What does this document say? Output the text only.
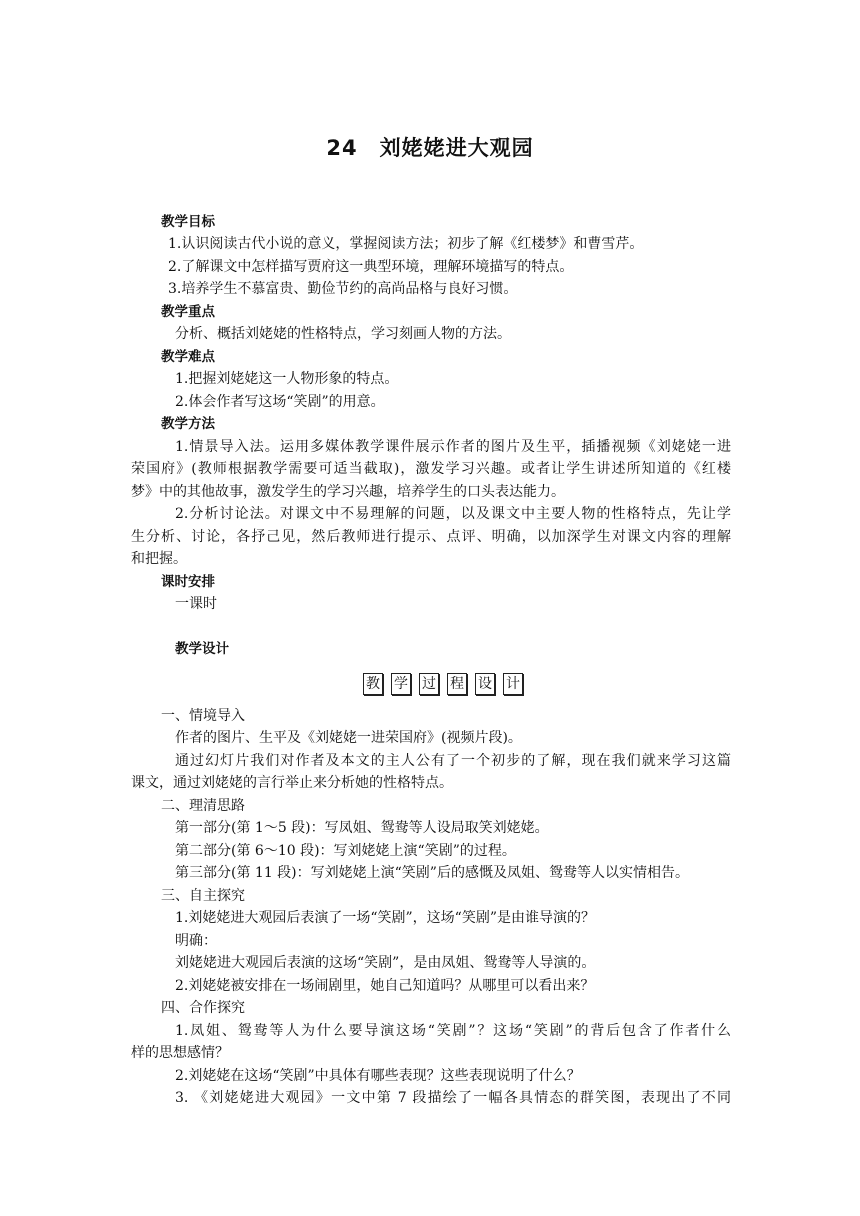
24 刘姥姥进大观园
教学目标
1.认识阅读古代小说的意义，掌握阅读方法；初步了解《红楼梦》和曹雪芹。
2.了解课文中怎样描写贾府这一典型环境，理解环境描写的特点。
3.培养学生不慕富贵、勤俭节约的高尚品格与良好习惯。
教学重点
分析、概括刘姥姥的性格特点，学习刻画人物的方法。
教学难点
1.把握刘姥姥这一人物形象的特点。
2.体会作者写这场“笑剧”的用意。
教学方法
1.情景导入法。运用多媒体教学课件展示作者的图片及生平，插播视频《刘姥姥一进
荣国府》(教师根据教学需要可适当截取)，激发学习兴趣。或者让学生讲述所知道的《红楼
梦》中的其他故事，激发学生的学习兴趣，培养学生的口头表达能力。
2.分析讨论法。对课文中不易理解的问题，以及课文中主要人物的性格特点，先让学
生分析、讨论，各抒己见，然后教师进行提示、点评、明确，以加深学生对课文内容的理解
和把握。
课时安排
一课时
教学设计
教 学 过 程 设 计
一、情境导入
作者的图片、生平及《刘姥姥一进荣国府》(视频片段)。
通过幻灯片我们对作者及本文的主人公有了一个初步的了解，现在我们就来学习这篇
课文，通过刘姥姥的言行举止来分析她的性格特点。
二、理清思路
第一部分(第 1～5 段)：写凤姐、鸳鸯等人设局取笑刘姥姥。
第二部分(第 6～10 段)：写刘姥姥上演“笑剧”的过程。
第三部分(第 11 段)：写刘姥姥上演“笑剧”后的感慨及凤姐、鸳鸯等人以实情相告。
三、自主探究
1.刘姥姥进大观园后表演了一场“笑剧”，这场“笑剧”是由谁导演的？
明确：
刘姥姥进大观园后表演的这场“笑剧”，是由凤姐、鸳鸯等人导演的。
2.刘姥姥被安排在一场闹剧里，她自己知道吗？从哪里可以看出来？
四、合作探究
1.凤姐、鸳鸯等人为什么要导演这场“笑剧”？这场“笑剧”的背后包含了作者什么
样的思想感情？
2.刘姥姥在这场“笑剧”中具体有哪些表现？这些表现说明了什么？
3. 《刘姥姥进大观园》一文中第 7 段描绘了一幅各具情态的群笑图，表现出了不同
